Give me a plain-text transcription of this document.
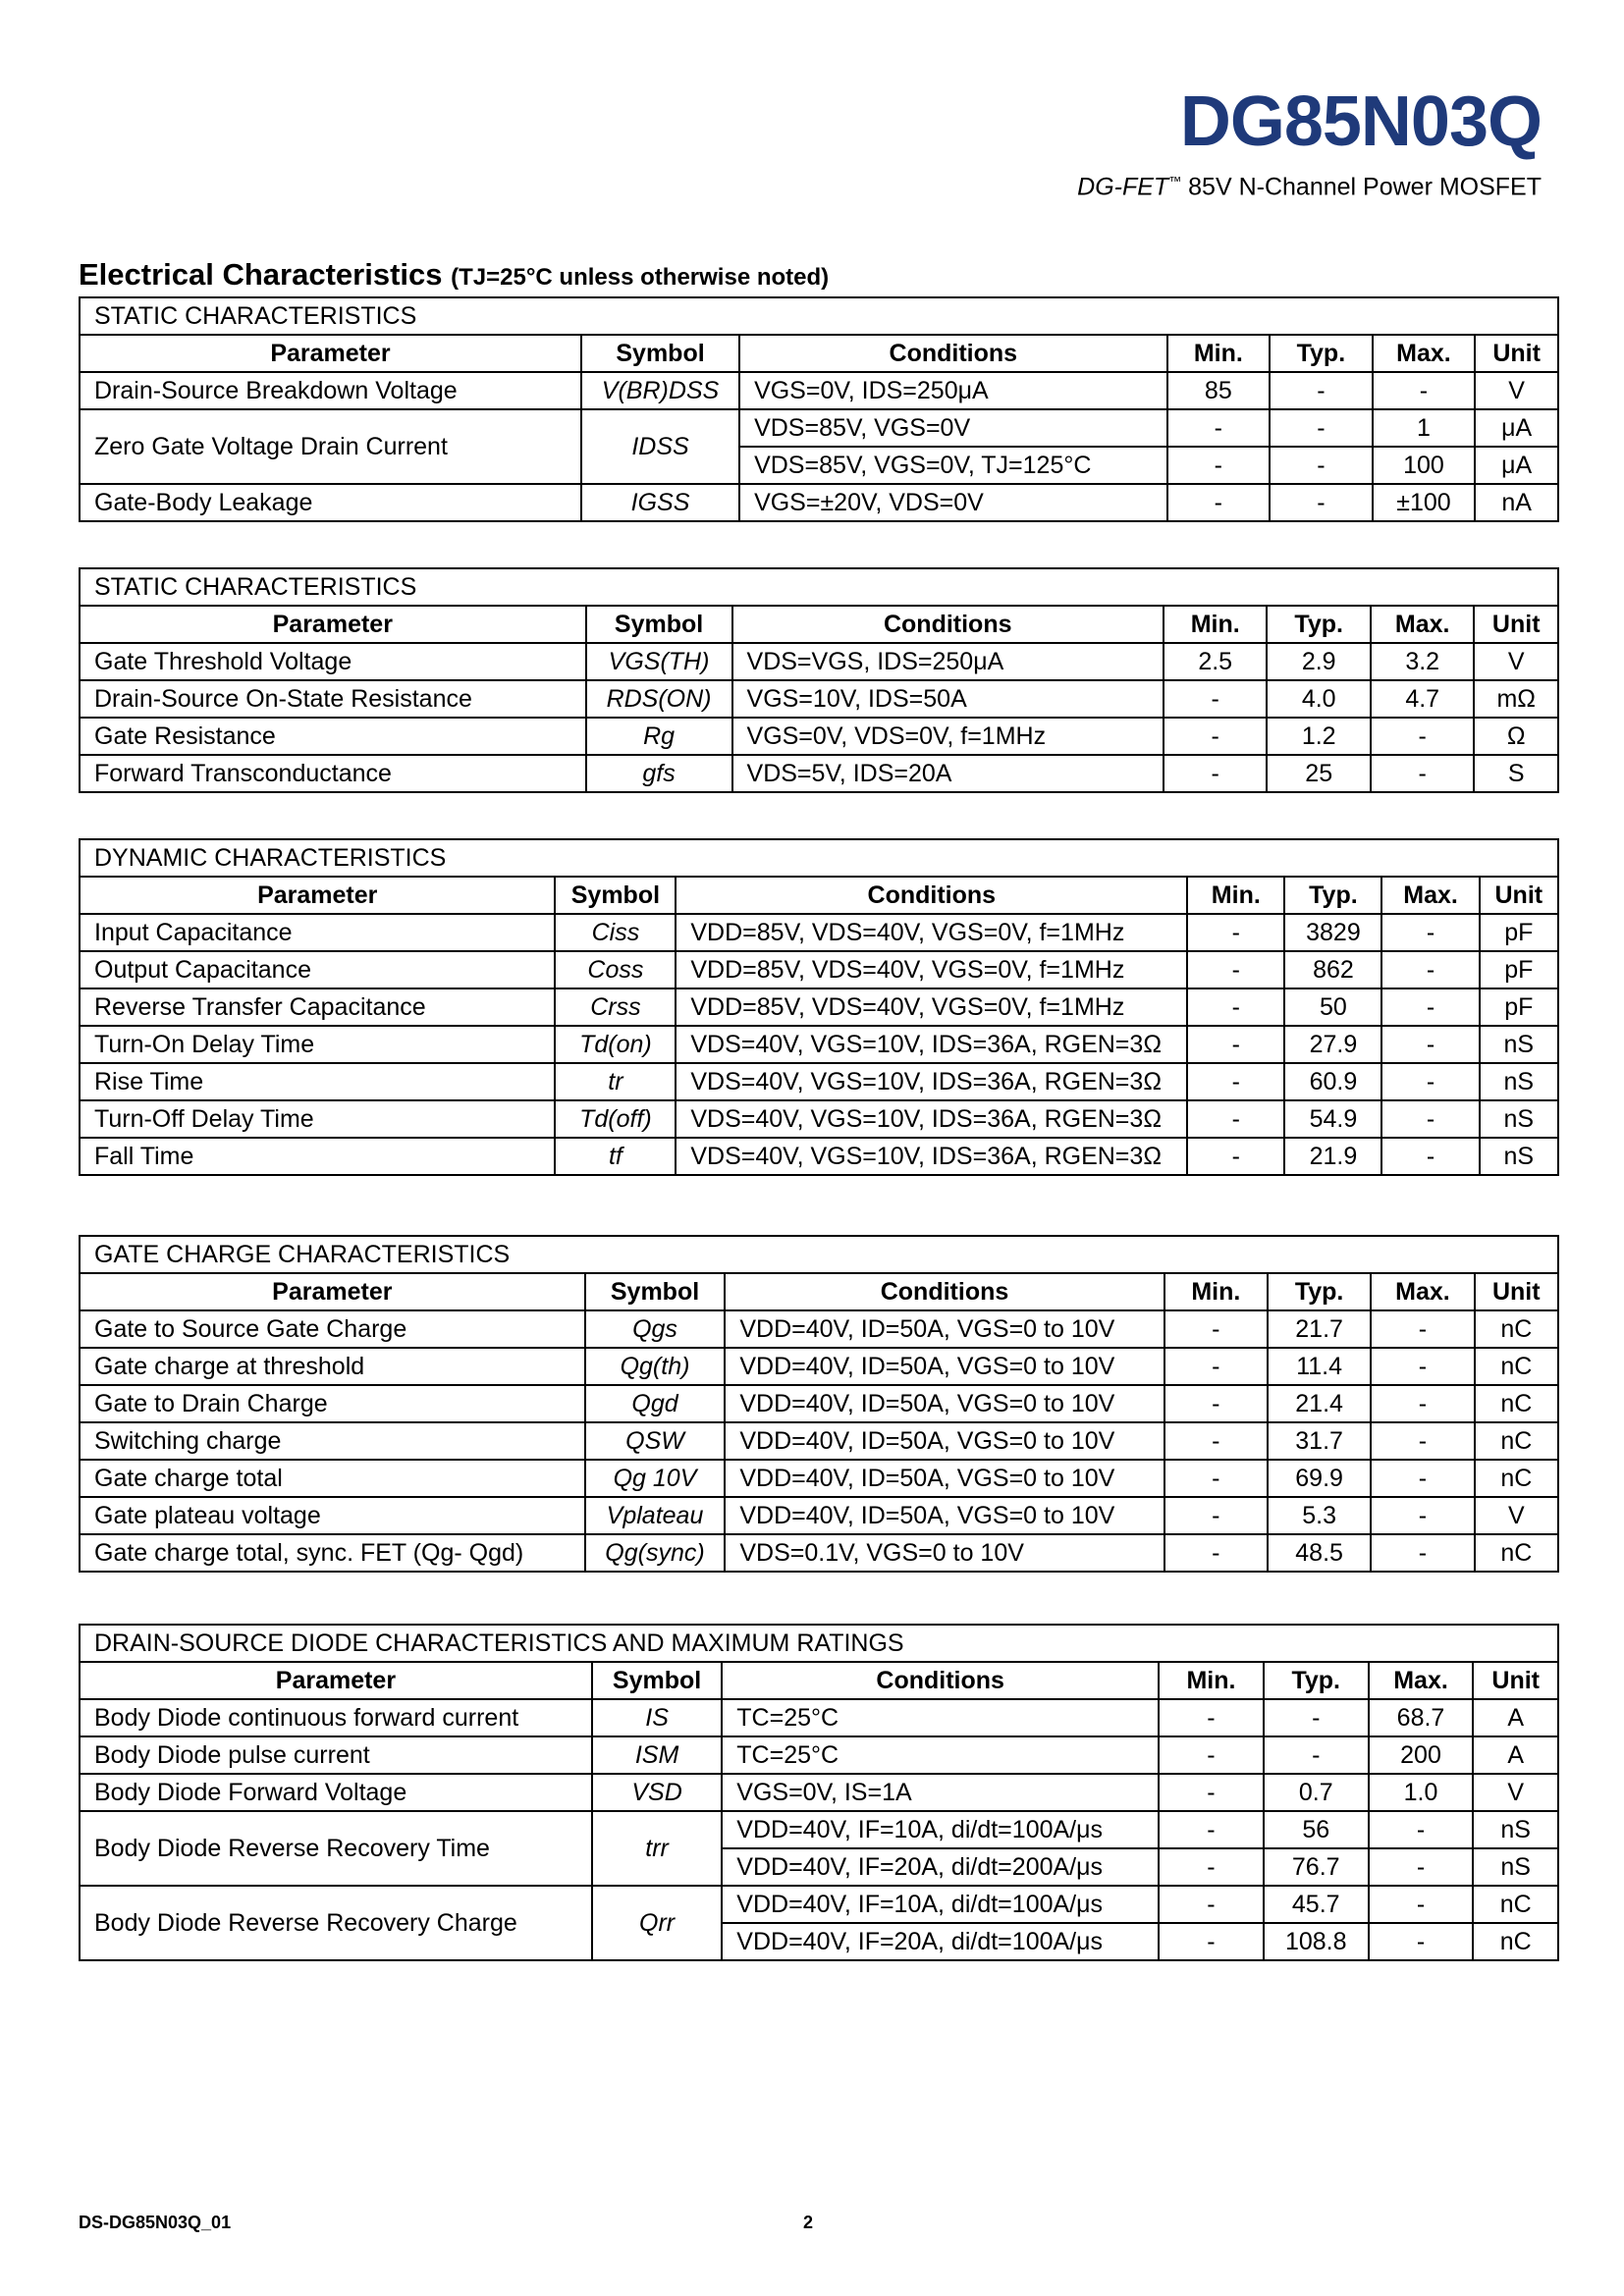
DG85N03Q
DG-FET™ 85V N-Channel Power MOSFET
Electrical Characteristics (TJ=25°C unless otherwise noted)
STATIC CHARACTERISTICS						
Parameter	Symbol	Conditions	Min.	Typ.	Max.	Unit
Drain-Source Breakdown Voltage	V(BR)DSS	VGS=0V, IDS=250μA	85	-	-	V
Zero Gate Voltage Drain Current	IDSS	VDS=85V, VGS=0V	-	-	1	μA
		VDS=85V, VGS=0V, TJ=125°C	-	-	100	μA
Gate-Body Leakage	IGSS	VGS=±20V, VDS=0V	-	-	±100	nA
STATIC CHARACTERISTICS						
Parameter	Symbol	Conditions	Min.	Typ.	Max.	Unit
Gate Threshold Voltage	VGS(TH)	VDS=VGS, IDS=250μA	2.5	2.9	3.2	V
Drain-Source On-State Resistance	RDS(ON)	VGS=10V, IDS=50A	-	4.0	4.7	mΩ
Gate Resistance	Rg	VGS=0V, VDS=0V, f=1MHz	-	1.2	-	Ω
Forward Transconductance	gfs	VDS=5V, IDS=20A	-	25	-	S
DYNAMIC CHARACTERISTICS						
Parameter	Symbol	Conditions	Min.	Typ.	Max.	Unit
Input Capacitance	Ciss	VDD=85V, VDS=40V, VGS=0V, f=1MHz	-	3829	-	pF
Output Capacitance	Coss	VDD=85V, VDS=40V, VGS=0V, f=1MHz	-	862	-	pF
Reverse Transfer Capacitance	Crss	VDD=85V, VDS=40V, VGS=0V, f=1MHz	-	50	-	pF
Turn-On Delay Time	Td(on)	VDS=40V, VGS=10V, IDS=36A, RGEN=3Ω	-	27.9	-	nS
Rise Time	tr	VDS=40V, VGS=10V, IDS=36A, RGEN=3Ω	-	60.9	-	nS
Turn-Off Delay Time	Td(off)	VDS=40V, VGS=10V, IDS=36A, RGEN=3Ω	-	54.9	-	nS
Fall Time	tf	VDS=40V, VGS=10V, IDS=36A, RGEN=3Ω	-	21.9	-	nS
GATE CHARGE CHARACTERISTICS						
Parameter	Symbol	Conditions	Min.	Typ.	Max.	Unit
Gate to Source Gate Charge	Qgs	VDD=40V, ID=50A, VGS=0 to 10V	-	21.7	-	nC
Gate charge at threshold	Qg(th)	VDD=40V, ID=50A, VGS=0 to 10V	-	11.4	-	nC
Gate to Drain Charge	Qgd	VDD=40V, ID=50A, VGS=0 to 10V	-	21.4	-	nC
Switching charge	QSW	VDD=40V, ID=50A, VGS=0 to 10V	-	31.7	-	nC
Gate charge total	Qg 10V	VDD=40V, ID=50A, VGS=0 to 10V	-	69.9	-	nC
Gate plateau voltage	Vplateau	VDD=40V, ID=50A, VGS=0 to 10V	-	5.3	-	V
Gate charge total, sync. FET (Qg- Qgd)	Qg(sync)	VDS=0.1V, VGS=0 to 10V	-	48.5	-	nC
DRAIN-SOURCE DIODE CHARACTERISTICS AND MAXIMUM RATINGS						
Parameter	Symbol	Conditions	Min.	Typ.	Max.	Unit
Body Diode continuous forward current	IS	TC=25°C	-	-	68.7	A
Body Diode pulse current	ISM	TC=25°C	-	-	200	A
Body Diode Forward Voltage	VSD	VGS=0V, IS=1A	-	0.7	1.0	V
Body Diode Reverse Recovery Time	trr	VDD=40V, IF=10A, di/dt=100A/μs	-	56	-	nS
		VDD=40V, IF=20A, di/dt=200A/μs	-	76.7	-	nS
Body Diode Reverse Recovery Charge	Qrr	VDD=40V, IF=10A, di/dt=100A/μs	-	45.7	-	nC
		VDD=40V, IF=20A, di/dt=100A/μs	-	108.8	-	nC
DS-DG85N03Q_01	2
